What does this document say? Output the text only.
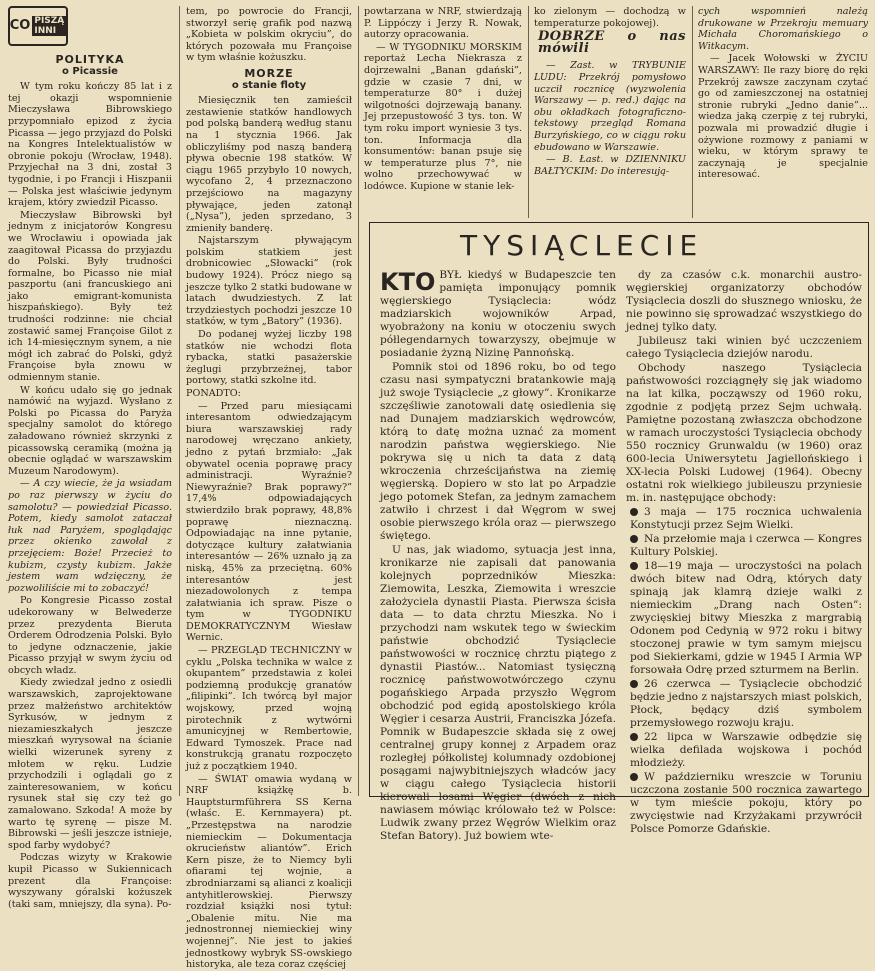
CO PISZĄ INNI
POLITYKA
o Picassie

W tym roku kończy 85 lat i z tej okazji wspomnienie Mieczysława Bibrowskiego przypomniało epizod z życia Picassa — jego przyjazd do Polski na Kongres Intelektualistów w obronie pokoju (Wrocław, 1948). Przyjechał na 3 dni, został 3 tygodnie, i po Francji i Hiszpanii — Polska jest właściwie jedynym krajem, który zwiedził Picasso.

Mieczysław Bibrowski był jednym z inicjatorów Kongresu we Wrocławiu i opowiada jak zaagitował Picassa do przyjazdu do Polski. Były trudności formalne, bo Picasso nie miał paszportu (ani francuskiego ani jako emigrant-komunista hiszpańskiego). Były też trudności rodzinne: nie chciał zostawić samej Françoise Gilot z ich 14-miesięcznym synem, a nie mógł ich zabrać do Polski, gdyż Françoise była znowu w odmiennym stanie.

W końcu udało się go jednak namówić na wyjazd. Wysłano z Polski po Picassa do Paryża specjalny samolot do którego załadowano również skrzynki z picassowską ceramiką (można ją obecnie oglądać w warszawskim Muzeum Narodowym).

— A czy wiecie, że ja wsiadam po raz pierwszy w życiu do samolotu? — powiedział Picasso. Potem, kiedy samolot zataczał łuk nad Paryżem, spoglądając przez okienko zawołał z przejęciem: Boże! Przecież to kubizm, czysty kubizm. Jakże jestem wam wdzięczny, że pozwoliliście mi to zobaczyć!

Po Kongresie Picasso został udekorowany w Belwederze przez prezydenta Bieruta Orderem Odrodzenia Polski. Było to jedyne odznaczenie, jakie Picasso przyjął w swym życiu od obcych władz.

Kiedy zwiedzał jedno z osiedli warszawskich, zaprojektowane przez małżeństwo architektów Syrkusów, w jednym z niezamieszkałych jeszcze mieszkań wyrysował na ścianie wielki wizerunek syreny z młotem w ręku. Ludzie przychodzili i oglądali go z zainteresowaniem, w końcu rysunek stał się czy też go zamalowano. Szkoda! A może by warto tę syrenę — pisze M. Bibrowski — jeśli jeszcze istnieje, spod farby wydobyć?

Podczas wizyty w Krakowie kupił Picasso w Sukiennicach prezent dla Françoise: wyszywany góralski kożuszek (taki sam, mniejszy, dla syna). Po-

tem, po powrocie do Francji, stworzył serię grafik pod nazwą „Kobieta w polskim okryciu”, do których pozowała mu Françoise w tym właśnie kożuszku.

MORZE
o stanie floty

Miesięcznik ten zamieścił zestawienie statków handlowych pod polską banderą według stanu na 1 stycznia 1966. Jak obliczyliśmy pod naszą banderą pływa obecnie 198 statków. W ciągu 1965 przybyło 10 nowych, wycofano 2, 4 przeznaczono przejściowo na magazyny pływające, jeden zatonął („Nysa”), jeden sprzedano, 3 zmieniły banderę.

Najstarszym pływającym polskim statkiem jest drobnicowiec „Słowacki” (rok budowy 1924). Prócz niego są jeszcze tylko 2 statki budowane w latach dwudziestych. Z lat trzydziestych pochodzi jeszcze 10 statków, w tym „Batory” (1936).

Do podanej wyżej liczby 198 statków nie wchodzi flota rybacka, statki pasażerskie żeglugi przybrzeżnej, tabor portowy, statki szkolne itd.

PONADTO:

— Przed paru miesiącami interesantom odwiedzającym biura warszawskiej rady narodowej wręczano ankiety, jedno z pytań brzmiało: „Jak obywatel ocenia poprawę pracy administracji. Wyraźnie? Niewyraźnie? Brak poprawy?” 17,4% odpowiadających stwierdziło brak poprawy, 48,8% poprawę nieznaczną. Odpowiadając na inne pytanie, dotyczące kultury załatwiania interesantów — 26% uznało ją za niską, 45% za przeciętną. 60% interesantów jest niezadowolonych z tempa załatwiania ich spraw. Pisze o tym w TYGODNIKU DEMOKRATYCZNYM Wiesław Wernic.

— PRZEGLĄD TECHNICZNY w cyklu „Polska technika w walce z okupantem” przedstawia z kolei podziemną produkcję granatów „filipinki”. Ich twórcą był major wojskowy, przed wojną pirotechnik z wytwórni amunicyjnej w Rembertowie, Edward Tymoszek. Prace nad konstrukcją granatu rozpoczęto już z początkiem 1940.

— ŚWIAT omawia wydaną w NRF książkę b. Hauptsturmführera SS Kerna (właśc. E. Kernmayera) pt. „Przestępstwa na narodzie niemieckim — Dokumentacja okrucieństw aliantów”. Erich Kern pisze, że to Niemcy byli ofiarami tej wojnie, a zbrodniarzami są alianci z koalicji antyhitlerowskiej. Pierwszy rozdział książki nosi tytuł: „Obalenie mitu. Nie ma jednostronnej niemieckiej winy wojennej”. Nie jest to jakieś jednostkowy wybryk SS-owskiego historyka, ale teza coraz częściej

powtarzana w NRF, stwierdzają P. Lippóczy i Jerzy R. Nowak, autorzy opracowania.

— W TYGODNIKU MORSKIM reportaż Lecha Niekrasza z dojrzewalni „Banan gdański”, gdzie w czasie 7 dni, w temperaturze 80° i dużej wilgotności dojrzewają banany. Jej przepustowość 3 tys. ton. W tym roku import wyniesie 3 tys. ton. Informacja dla konsumentów: banan psuje się w temperaturze plus 7°, nie wolno przechowywać w lodówce. Kupione w stanie lek-

ko zielonym — dochodzą w temperaturze pokojowej).

DOBRZE o nas mówili

— Zast. w TRYBUNIE LUDU: Przekrój pomysłowo uczcił rocznicę (wyzwolenia Warszawy — p. red.) dając na obu okładkach fotograficzno-tekstowy przegląd Romana Burzyńskiego, co w ciągu roku ebudowano w Warszawie.

— B. Łast. w DZIENNIKU BAŁTYCKIM: Do interesują-

cych wspomnień należą drukowane w Przekroju memuary Michała Choromańskiego o Witkacym.

— Jacek Wołowski w ŻYCIU WARSZAWY: Ile razy biorę do ręki Przekrój zawsze zaczynam czytać go od zamieszczonej na ostatniej stronie rubryki „Jedno danie”... wiedza jaką czerpię z tej rubryki, pozwala mi prowadzić długie i ożywione rozmowy z paniami w wieku, w którym sprawy te zaczynają je specjalnie interesować.

TYSIĄCLECIE

KTO BYŁ kiedyś w Budapeszcie ten pamięta imponujący pomnik węgierskiego Tysiąclecia: wódz madziarskich wojowników Arpad, wyobrażony na koniu w otoczeniu swych półlegendarnych towarzyszy, obejmuje w posiadanie żyzną Nizinę Pannońską.

Pomnik stoi od 1896 roku, bo od tego czasu nasi sympatyczni bratankowie mają już swoje Tysiąclecie „z głowy”. Kronikarze szczęśliwie zanotowali datę osiedlenia się nad Dunajem madziarskich wędrowców, którą to datę można uznać za moment narodzin państwa węgierskiego. Nie pokrywa się u nich ta data z datą wkroczenia chrześcijaństwa na ziemię węgierską. Dopiero w sto lat po Arpadzie jego potomek Stefan, za jednym zamachem zatwiło i chrzest i dał Węgrom w swej osobie pierwszego króla oraz — pierwszego świętego.

U nas, jak wiadomo, sytuacja jest inna, kronikarze nie zapisali dat panowania kolejnych poprzedników Mieszka: Ziemowita, Leszka, Ziemowita i wreszcie założyciela dynastii Piasta. Pierwsza ścisła data — to data chrztu Mieszka. No i przychodzi nam wskutek tego w świeckim państwie obchodzić Tysiąclecie państwowości w rocznicę chrztu piątego z dynastii Piastów... Natomiast tysięczną rocznicę państwowotwórczego czynu pogańskiego Arpada przyszło Węgrom obchodzić pod egidą apostolskiego króla Węgier i cesarza Austrii, Franciszka Józefa. Pomnik w Budapeszcie składa się z owej centralnej grupy konnej z Arpadem oraz rozległej półkolistej kolumnady ozdobionej posągami najwybitniejszych władców jacy w ciągu całego Tysiąclecia historii kierowali losami Węgier (dwóch z nich nawiasem mówiąc królowało też w Polsce: Ludwik zwany przez Węgrów Wielkim oraz Stefan Batory). Już bowiem wte-

dy za czasów c.k. monarchii austro-węgierskiej organizatorzy obchodów Tysiąclecia doszli do słusznego wniosku, że nie powinno się sprowadzać wszystkiego do jednej tylko daty.

Jubileusz taki winien być uczczeniem całego Tysiąclecia dziejów narodu.

Obchody naszego Tysiąclecia państwowości rozciągnęły się jak wiadomo na lat kilka, począwszy od 1960 roku, zgodnie z podjętą przez Sejm uchwałą. Pamiętne pozostaną zwłaszcza obchodzone w ramach uroczystości Tysiąclecia obchody 550 rocznicy Grunwaldu (w 1960) oraz 600-lecia Uniwersytetu Jagiellońskiego i XX-lecia Polski Ludowej (1964). Obecny ostatni rok wielkiego jubileuszu przyniesie m. in. następujące obchody:

3 maja — 175 rocznica uchwalenia Konstytucji przez Sejm Wielki.

Na przełomie maja i czerwca — Kongres Kultury Polskiej.

18—19 maja — uroczystości na polach dwóch bitew nad Odrą, których daty spinają jak klamrą dzieje walki z niemieckim „Drang nach Osten”: zwycięskiej bitwy Mieszka z margrabią Odonem pod Cedynią w 972 roku i bitwy stoczonej prawie w tym samym miejscu pod Siekierkami, gdzie w 1945 I Armia WP forsowała Odrę przed szturmem na Berlin.

26 czerwca — Tysiąclecie obchodzić będzie jedno z najstarszych miast polskich, Płock, będący dziś symbolem przemysłowego rozwoju kraju.

22 lipca w Warszawie odbędzie się wielka defilada wojskowa i pochód młodzieży.

W październiku wreszcie w Toruniu uczczona zostanie 500 rocznica zawartego w tym mieście pokoju, który po zwycięstwie nad Krzyżakami przywrócił Polsce Pomorze Gdańskie.
